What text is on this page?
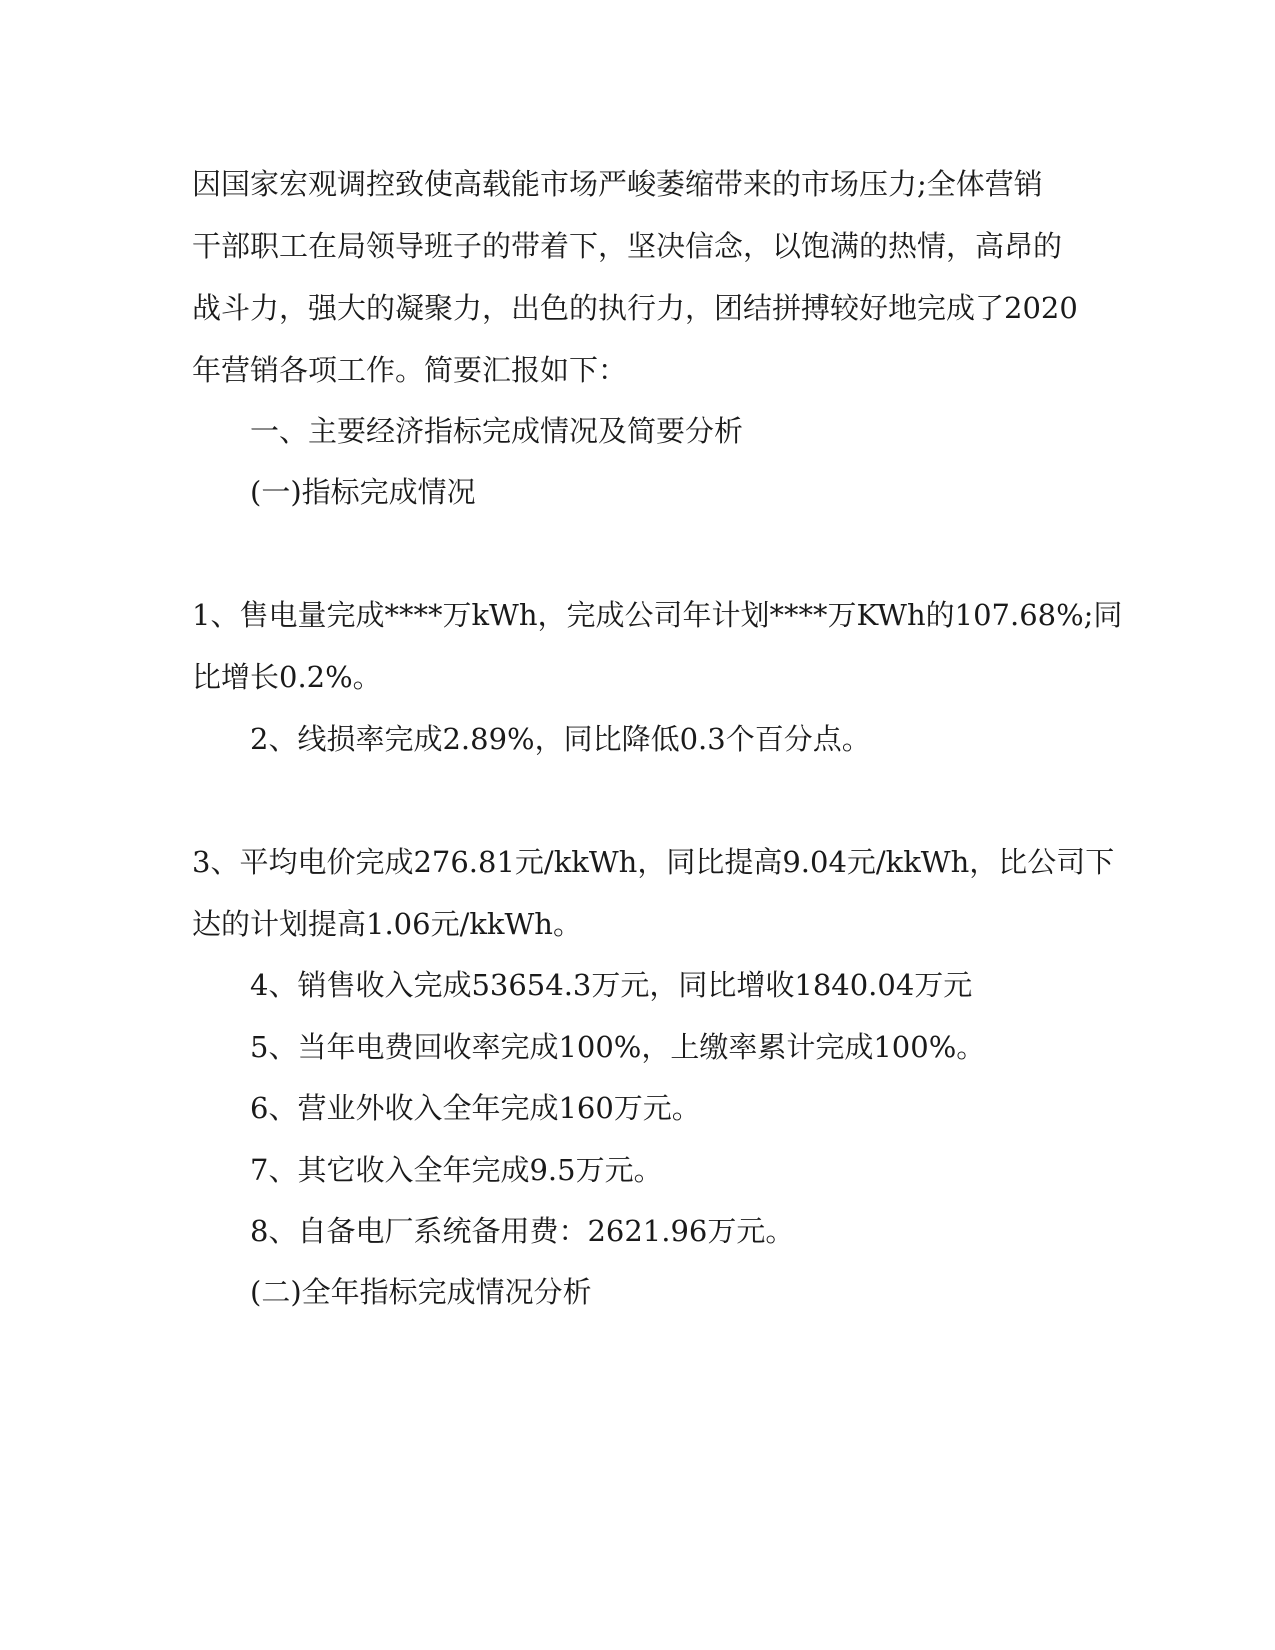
因国家宏观调控致使高载能市场严峻萎缩带来的市场压力;全体营销
干部职工在局领导班子的带着下，坚决信念，以饱满的热情，高昂的
战斗力，强大的凝聚力，出色的执行力，团结拼搏较好地完成了2020
年营销各项工作。简要汇报如下：
一、主要经济指标完成情况及简要分析
(一)指标完成情况
1、售电量完成****万kWh，完成公司年计划****万KWh的107.68%;同
比增长0.2%。
2、线损率完成2.89%，同比降低0.3个百分点。
3、平均电价完成276.81元/kkWh，同比提高9.04元/kkWh，比公司下
达的计划提高1.06元/kkWh。
4、销售收入完成53654.3万元，同比增收1840.04万元
5、当年电费回收率完成100%，上缴率累计完成100%。
6、营业外收入全年完成160万元。
7、其它收入全年完成9.5万元。
8、自备电厂系统备用费：2621.96万元。
(二)全年指标完成情况分析
